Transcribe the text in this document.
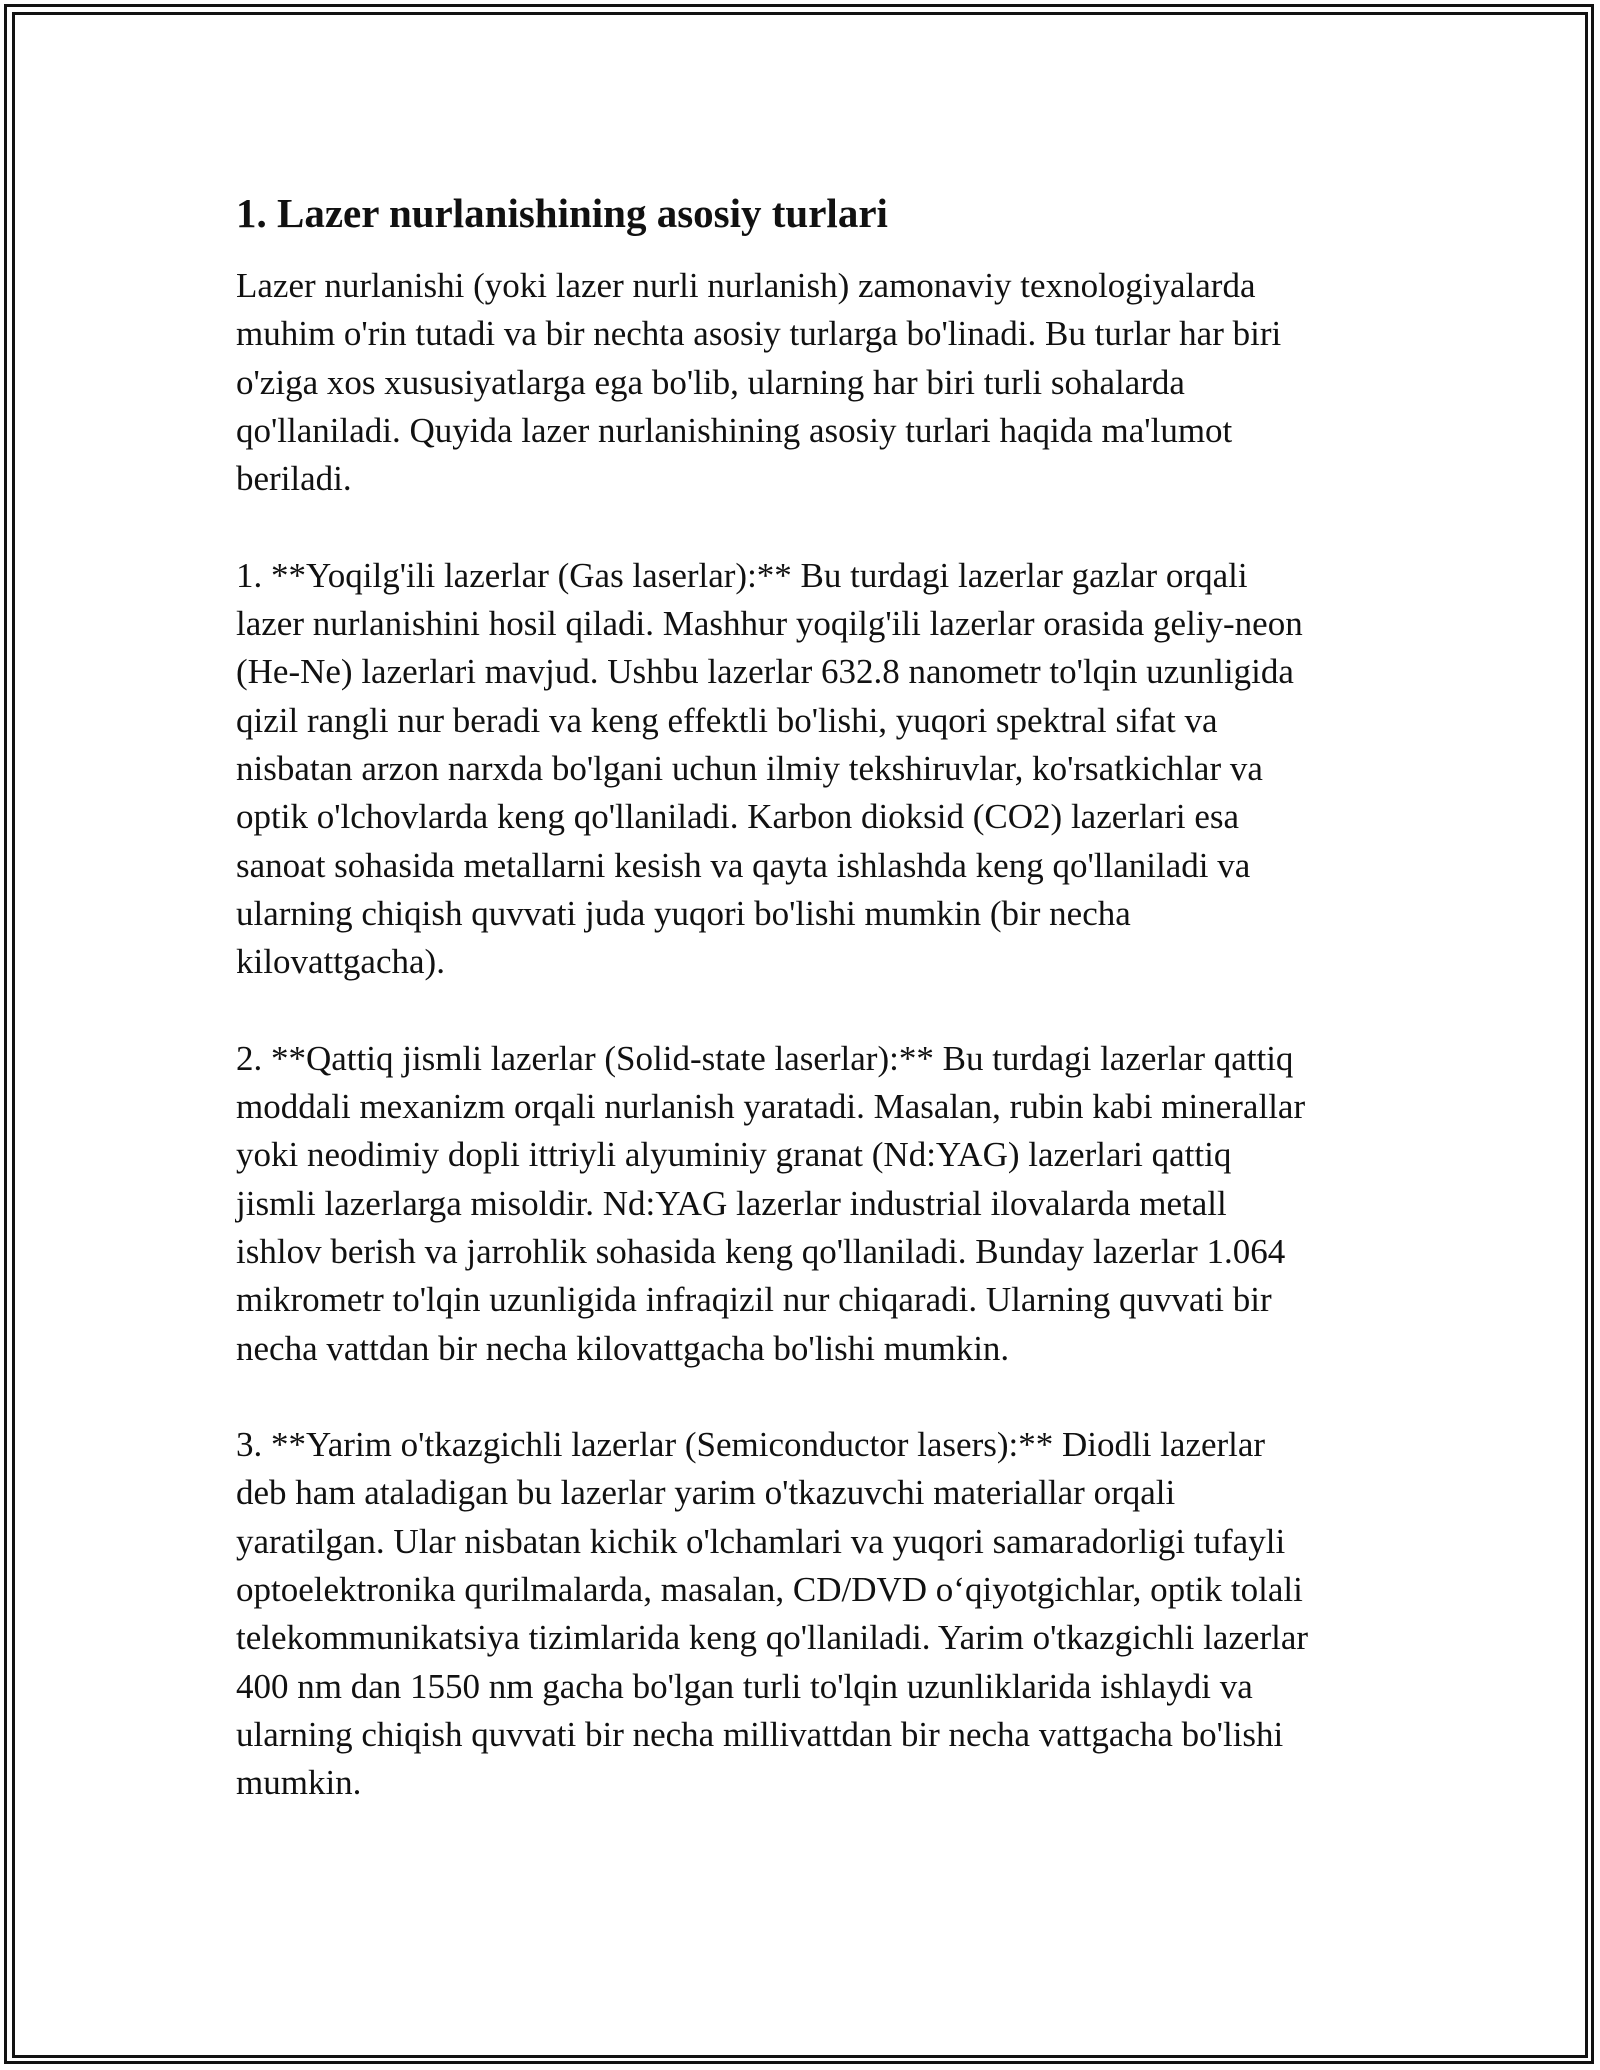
1. Lazer nurlanishining asosiy turlari

Lazer nurlanishi (yoki lazer nurli nurlanish) zamonaviy texnologiyalarda
muhim o'rin tutadi va bir nechta asosiy turlarga bo'linadi. Bu turlar har biri
o'ziga xos xususiyatlarga ega bo'lib, ularning har biri turli sohalarda
qo'llaniladi. Quyida lazer nurlanishining asosiy turlari haqida ma'lumot
beriladi.

1. **Yoqilg'ili lazerlar (Gas laserlar):** Bu turdagi lazerlar gazlar orqali
lazer nurlanishini hosil qiladi. Mashhur yoqilg'ili lazerlar orasida geliy-neon
(He-Ne) lazerlari mavjud. Ushbu lazerlar 632.8 nanometr to'lqin uzunligida
qizil rangli nur beradi va keng effektli bo'lishi, yuqori spektral sifat va
nisbatan arzon narxda bo'lgani uchun ilmiy tekshiruvlar, ko'rsatkichlar va
optik o'lchovlarda keng qo'llaniladi. Karbon dioksid (CO2) lazerlari esa
sanoat sohasida metallarni kesish va qayta ishlashda keng qo'llaniladi va
ularning chiqish quvvati juda yuqori bo'lishi mumkin (bir necha
kilovattgacha).

2. **Qattiq jismli lazerlar (Solid-state laserlar):** Bu turdagi lazerlar qattiq
moddali mexanizm orqali nurlanish yaratadi. Masalan, rubin kabi minerallar
yoki neodimiy dopli ittriyli alyuminiy granat (Nd:YAG) lazerlari qattiq
jismli lazerlarga misoldir. Nd:YAG lazerlar industrial ilovalarda metall
ishlov berish va jarrohlik sohasida keng qo'llaniladi. Bunday lazerlar 1.064
mikrometr to'lqin uzunligida infraqizil nur chiqaradi. Ularning quvvati bir
necha vattdan bir necha kilovattgacha bo'lishi mumkin.

3. **Yarim o'tkazgichli lazerlar (Semiconductor lasers):** Diodli lazerlar
deb ham ataladigan bu lazerlar yarim o'tkazuvchi materiallar orqali
yaratilgan. Ular nisbatan kichik o'lchamlari va yuqori samaradorligi tufayli
optoelektronika qurilmalarda, masalan, CD/DVD o‘qiyotgichlar, optik tolali
telekommunikatsiya tizimlarida keng qo'llaniladi. Yarim o'tkazgichli lazerlar
400 nm dan 1550 nm gacha bo'lgan turli to'lqin uzunliklarida ishlaydi va
ularning chiqish quvvati bir necha millivattdan bir necha vattgacha bo'lishi
mumkin.
